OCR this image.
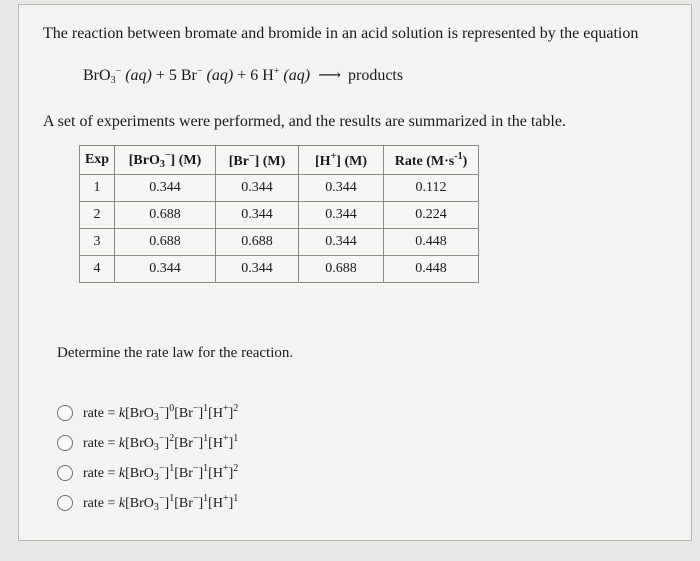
The reaction between bromate and bromide in an acid solution is represented by the equation
BrO$_3$− (aq) + 5 Br− (aq) + 6 H+ (aq) ⟶ products
A set of experiments were performed, and the results are summarized in the table.
Exp	[BrO$_3$−] (M)	[Br−] (M)	[H+] (M)	Rate $(M\cdot s^{-1})$
1	0.344	0.344	0.344	0.112
2	0.688	0.344	0.344	0.224
3	0.688	0.688	0.344	0.448
4	0.344	0.344	0.688	0.448
Determine the rate law for the reaction.
rate = $k[BrO_3^-]^0[Br^-]^1[H^+]^2$
rate = $k[BrO_3^-]^2[Br^-]^1[H^+]^1$
rate = $k[BrO_3^-]^1[Br^-]^1[H^+]^2$
rate = $k[BrO_3^-]^1[Br^-]^1[H^+]^1$
